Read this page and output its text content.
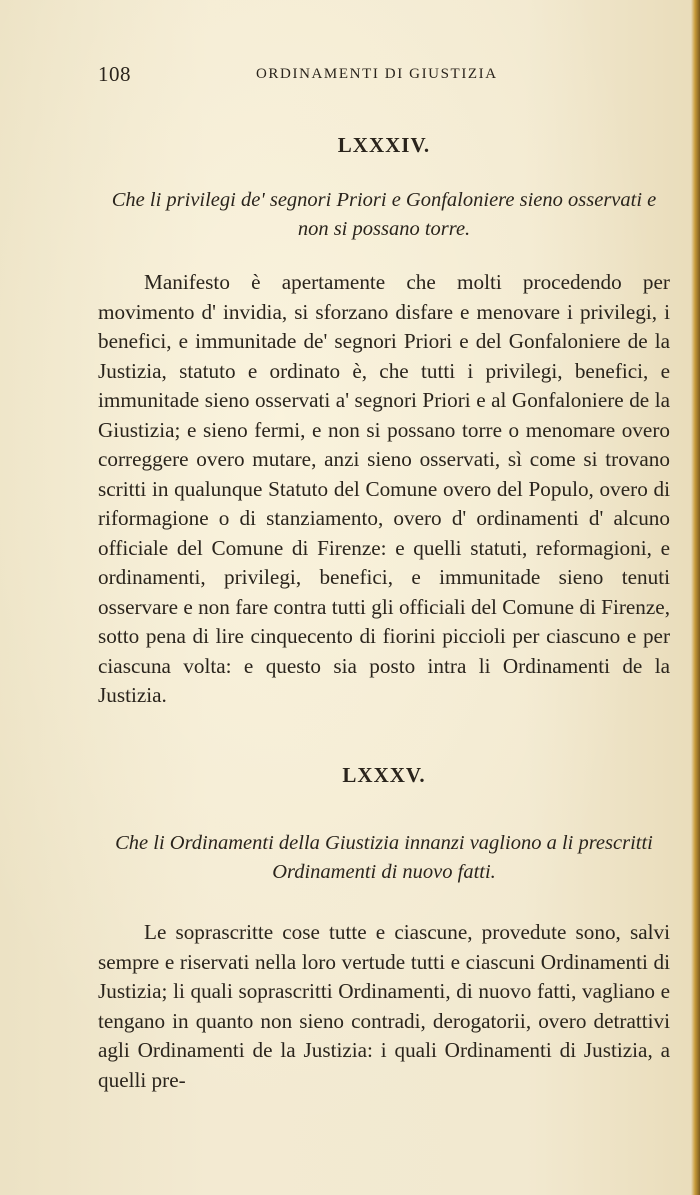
108	ORDINAMENTI DI GIUSTIZIA
LXXXIV.

Che li privilegi de' segnori Priori e Gonfaloniere sieno osservati e non si possano torre.

Manifesto è apertamente che molti procedendo per movimento d' invidia, si sforzano disfare e menovare i privilegi, i benefici, e immunitade de' segnori Priori e del Gonfaloniere de la Justizia, statuto e ordinato è, che tutti i privilegi, benefici, e immunitade sieno osservati a' segnori Priori e al Gonfaloniere de la Giustizia; e sieno fermi, e non si possano torre o menomare overo correggere overo mutare, anzi sieno osservati, sì come si trovano scritti in qualunque Statuto del Comune overo del Populo, overo di riformagione o di stanziamento, overo d' ordinamenti d' alcuno officiale del Comune di Firenze: e quelli statuti, reformagioni, e ordinamenti, privilegi, benefici, e immunitade sieno tenuti osservare e non fare contra tutti gli officiali del Comune di Firenze, sotto pena di lire cinquecento di fiorini piccioli per ciascuno e per ciascuna volta: e questo sia posto intra li Ordinamenti de la Justizia.

LXXXV.

Che li Ordinamenti della Giustizia innanzi vagliono a li prescritti Ordinamenti di nuovo fatti.

Le soprascritte cose tutte e ciascune, provedute sono, salvi sempre e riservati nella loro vertude tutti e ciascuni Ordinamenti di Justizia; li quali soprascritti Ordinamenti, di nuovo fatti, vagliano e tengano in quanto non sieno contradi, derogatorii, overo detrattivi agli Ordinamenti de la Justizia: i quali Ordinamenti di Justizia, a quelli pre-
